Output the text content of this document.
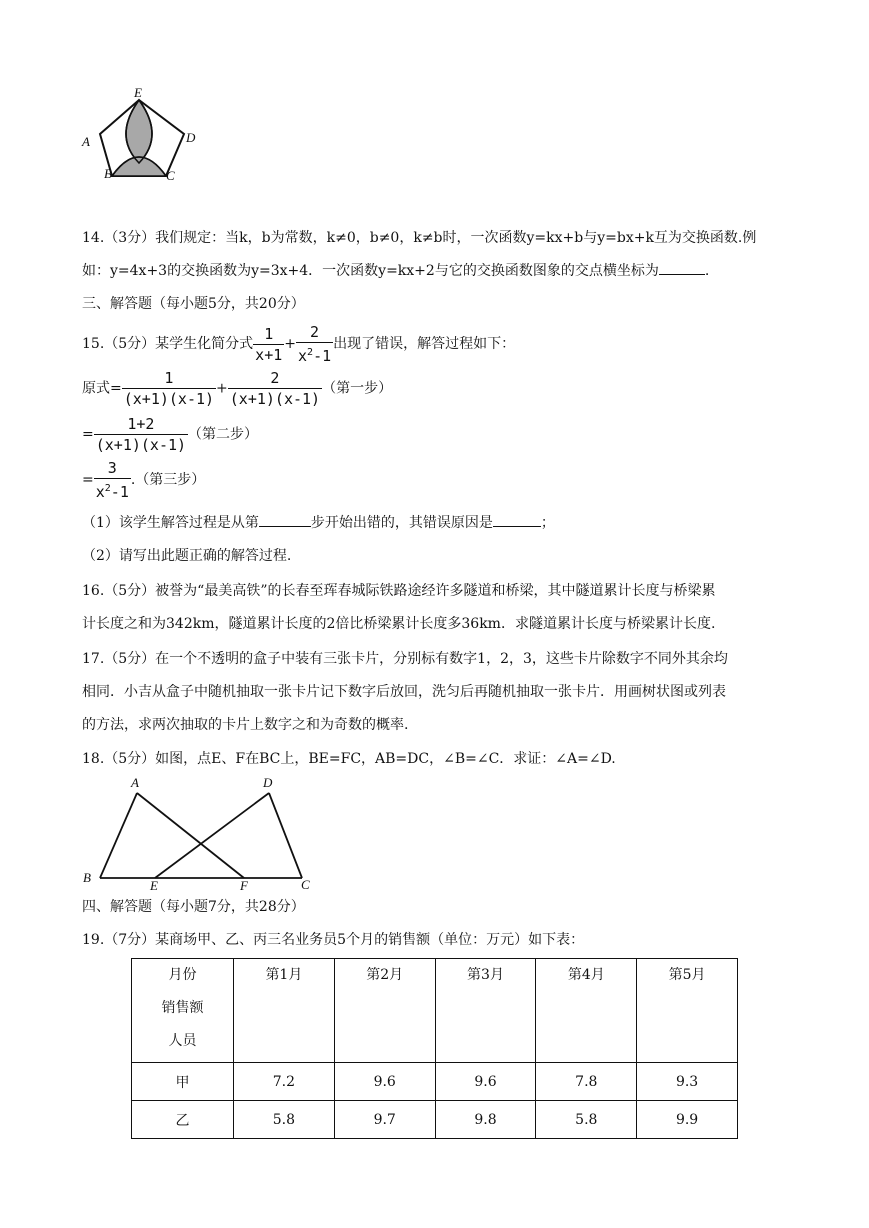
E
A	D
B	C
14.（3分）我们规定：当k，b为常数，k≠0，b≠0，k≠b时，一次函数y=kx+b与y=bx+k互为交换函数.例
如：y=4x+3的交换函数为y=3x+4．一次函数y=kx+2与它的交换函数图象的交点横坐标为	.
三、解答题（每小题5分，共20分）
15.（5分）某学生化简分式 $\frac{1}{x+1} + \frac{2}{x^2-1}$ 出现了错误，解答过程如下：
原式= $\frac{1}{(x+1)(x-1)} + \frac{2}{(x+1)(x-1)}$ （第一步）
= $\frac{1+2}{(x+1)(x-1)}$ （第二步）
= $\frac{3}{x^2-1}$ .（第三步）
（1）该学生解答过程是从第	步开始出错的，其错误原因是	；
（2）请写出此题正确的解答过程.
16.（5分）被誉为“最美高铁”的长春至珲春城际铁路途经许多隧道和桥梁，其中隧道累计长度与桥梁累
计长度之和为342km，隧道累计长度的2倍比桥梁累计长度多36km．求隧道累计长度与桥梁累计长度.
17.（5分）在一个不透明的盒子中装有三张卡片，分别标有数字1，2，3，这些卡片除数字不同外其余均
相同．小吉从盒子中随机抽取一张卡片记下数字后放回，洗匀后再随机抽取一张卡片．用画树状图或列表
的方法，求两次抽取的卡片上数字之和为奇数的概率.
18.（5分）如图，点E、F在BC上，BE=FC，AB=DC，∠B=∠C．求证：∠A=∠D.
A	D
B
E	F	C
四、解答题（每小题7分，共28分）
19.（7分）某商场甲、乙、丙三名业务员5个月的销售额（单位：万元）如下表：
月份
销售额
人员	第1月	第2月	第3月	第4月	第5月

甲	7.2	9.6	9.6	7.8	9.3
乙	5.8	9.7	9.8	5.8	9.9
